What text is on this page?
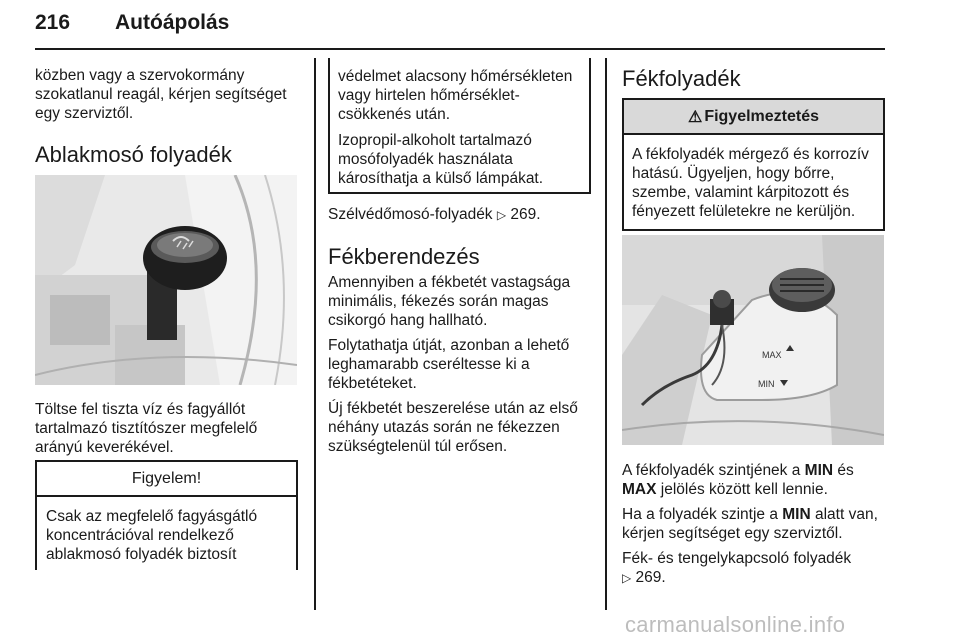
216 Autóápolás

közben vagy a szervokormány

szokatlanul reagál, kérjen segítséget

egy szerviztől.

Ablakmosó folyadék

Töltse fel tiszta víz és fagyállót

tartalmazó tisztítószer megfelelő

arányú keverékével.

Figyelem!

Csak az megfelelő fagyásgátló

koncentrációval rendelkező

ablakmosó folyadék biztosít

védelmet alacsony hőmérsékleten

vagy hirtelen hőmérséklet-

csökkenés után.

Izopropil-alkoholt tartalmazó

mosófolyadék használata

károsíthatja a külső lámpákat.

Szélvédőmosó-folyadék ▷ 269.
Fékberendezés

Amennyiben a fékbetét vastagsága

minimális, fékezés során magas

csikorgó hang hallható.

Folytathatja útját, azonban a lehető

leghamarabb cseréltesse ki a

fékbetéteket.

Új fékbetét beszerelése után az első

néhány utazás során ne fékezzen

szükségtelenül túl erősen.

Fékfolyadék
⚠ Figyelmeztetés

A fékfolyadék mérgező és korrozív

hatású. Ügyeljen, hogy bőrre,

szembe, valamint kárpitozott és

fényezett felületekre ne kerüljön.

MAX
MIN

A fékfolyadék szintjének a MIN és

MAX jelölés között kell lennie.

Ha a folyadék szintje a MIN alatt van,

kérjen segítséget egy szerviztől.

Fék- és tengelykapcsoló folyadék

▷ 269.

carmanualsonline.info
